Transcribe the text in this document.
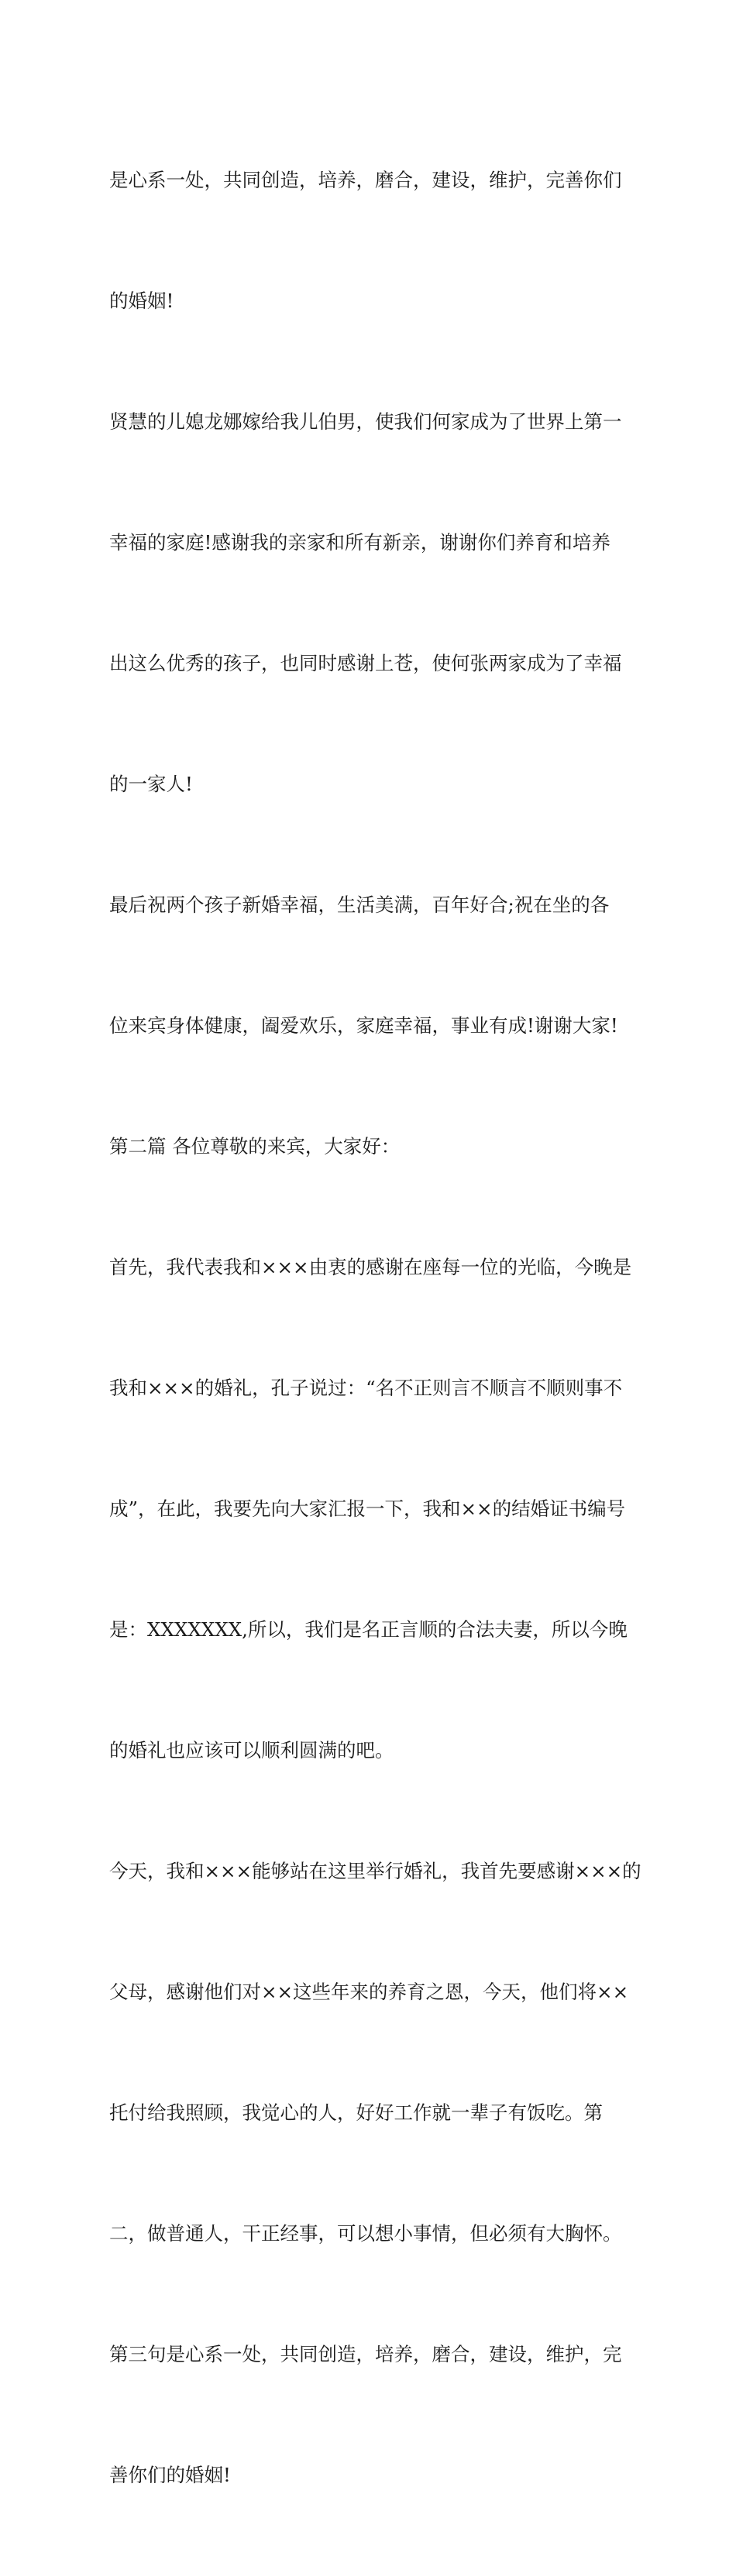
是心系一处，共同创造，培养，磨合，建设，维护，完善你们

的婚姻!

贤慧的儿媳龙娜嫁给我儿伯男，使我们何家成为了世界上第一

幸福的家庭!感谢我的亲家和所有新亲，谢谢你们养育和培养

出这么优秀的孩子，也同时感谢上苍，使何张两家成为了幸福

的一家人!

最后祝两个孩子新婚幸福，生活美满，百年好合;祝在坐的各

位来宾身体健康，阖爱欢乐，家庭幸福，事业有成!谢谢大家!

第二篇 各位尊敬的来宾，大家好：

首先，我代表我和×××由衷的感谢在座每一位的光临，今晚是

我和×××的婚礼，孔子说过：“名不正则言不顺言不顺则事不

成”，在此，我要先向大家汇报一下，我和××的结婚证书编号

是：XXXXXXX,所以，我们是名正言顺的合法夫妻，所以今晚

的婚礼也应该可以顺利圆满的吧。

今天，我和×××能够站在这里举行婚礼，我首先要感谢×××的

父母，感谢他们对××这些年来的养育之恩，今天，他们将××

托付给我照顾，我觉心的人，好好工作就一辈子有饭吃。第

二，做普通人，干正经事，可以想小事情，但必须有大胸怀。

第三句是心系一处，共同创造，培养，磨合，建设，维护，完

善你们的婚姻!
